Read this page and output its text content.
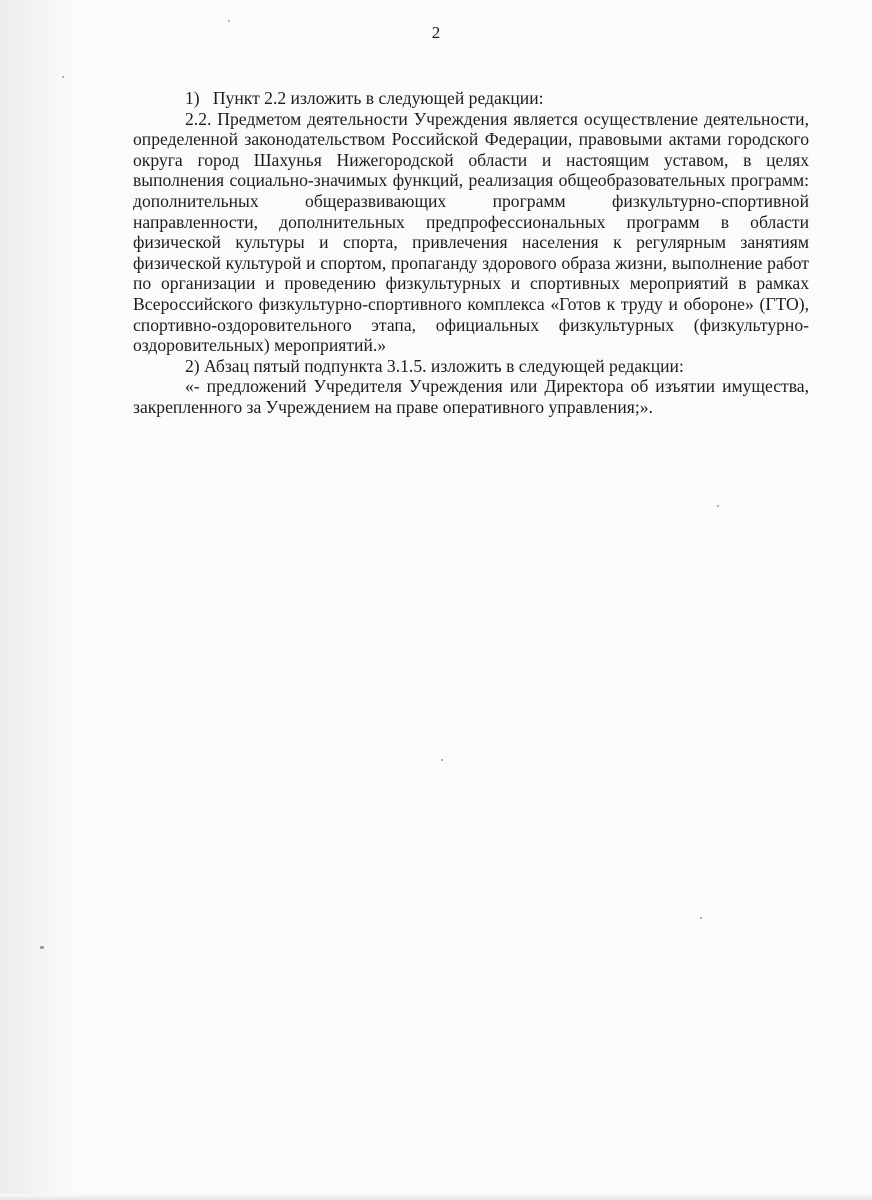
2

1)   Пункт 2.2 изложить в следующей редакции:

2.2. Предметом деятельности Учреждения является осуществление деятельности, определенной законодательством Российской Федерации, правовыми актами городского округа город Шахунья Нижегородской области и настоящим уставом, в целях выполнения социально-значимых функций, реализация общеобразовательных программ: дополнительных общеразвивающих программ физкультурно-спортивной направленности, дополнительных предпрофессиональных программ в области физической культуры и спорта, привлечения населения к регулярным занятиям физической культурой и спортом, пропаганду здорового образа жизни, выполнение работ по организации и проведению физкультурных и спортивных мероприятий в рамках Всероссийского физкультурно-спортивного комплекса «Готов к труду и обороне» (ГТО), спортивно-оздоровительного этапа, официальных физкультурных (физкультурно-оздоровительных) мероприятий.»

2) Абзац пятый подпункта 3.1.5. изложить в следующей редакции:

«- предложений Учредителя Учреждения или Директора об изъятии имущества, закрепленного за Учреждением на праве оперативного управления;».
